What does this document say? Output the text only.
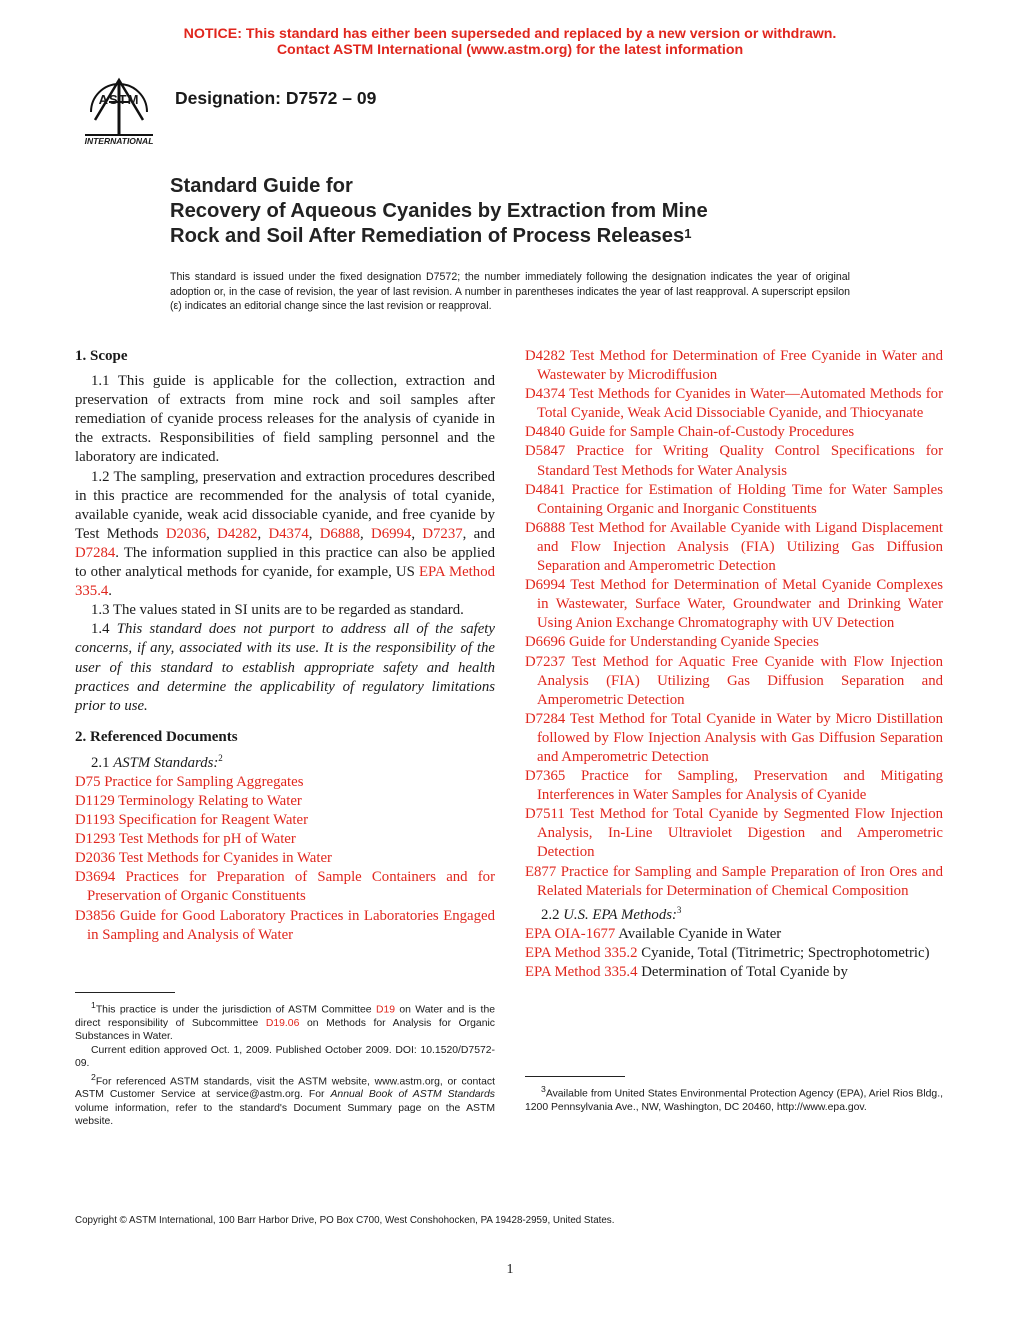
NOTICE: This standard has either been superseded and replaced by a new version or withdrawn.
Contact ASTM International (www.astm.org) for the latest information
ASTM
INTERNATIONAL
Designation: D7572 – 09
Standard Guide for
Recovery of Aqueous Cyanides by Extraction from Mine
Rock and Soil After Remediation of Process Releases$^1$
This standard is issued under the fixed designation D7572; the number immediately following the designation indicates the year of original adoption or, in the case of revision, the year of last revision. A number in parentheses indicates the year of last reapproval. A superscript epsilon (ε) indicates an editorial change since the last revision or reapproval.

1. Scope

1.1 This guide is applicable for the collection, extraction and preservation of extracts from mine rock and soil samples after remediation of cyanide process releases for the analysis of cyanide in the extracts. Responsibilities of field sampling personnel and the laboratory are indicated.

1.2 The sampling, preservation and extraction procedures described in this practice are recommended for the analysis of total cyanide, available cyanide, weak acid dissociable cyanide, and free cyanide by Test Methods D2036, D4282, D4374, D6888, D6994, D7237, and D7284. The information supplied in this practice can also be applied to other analytical methods for cyanide, for example, US EPA Method 335.4.

1.3 The values stated in SI units are to be regarded as standard.

1.4 This standard does not purport to address all of the safety concerns, if any, associated with its use. It is the responsibility of the user of this standard to establish appropriate safety and health practices and determine the applicability of regulatory limitations prior to use.

2. Referenced Documents

2.1 ASTM Standards:$^2$

D75 Practice for Sampling Aggregates

D1129 Terminology Relating to Water

D1193 Specification for Reagent Water

D1293 Test Methods for pH of Water

D2036 Test Methods for Cyanides in Water

D3694 Practices for Preparation of Sample Containers and for Preservation of Organic Constituents

D3856 Guide for Good Laboratory Practices in Laboratories Engaged in Sampling and Analysis of Water

$^1$This practice is under the jurisdiction of ASTM Committee D19 on Water and is the direct responsibility of Subcommittee D19.06 on Methods for Analysis for Organic Substances in Water.

Current edition approved Oct. 1, 2009. Published October 2009. DOI: 10.1520/D7572-09.

$^2$For referenced ASTM standards, visit the ASTM website, www.astm.org, or contact ASTM Customer Service at service@astm.org. For Annual Book of ASTM Standards volume information, refer to the standard's Document Summary page on the ASTM website.

D4282 Test Method for Determination of Free Cyanide in Water and Wastewater by Microdiffusion

D4374 Test Methods for Cyanides in Water—Automated Methods for Total Cyanide, Weak Acid Dissociable Cyanide, and Thiocyanate

D4840 Guide for Sample Chain-of-Custody Procedures

D5847 Practice for Writing Quality Control Specifications for Standard Test Methods for Water Analysis

D4841 Practice for Estimation of Holding Time for Water Samples Containing Organic and Inorganic Constituents

D6888 Test Method for Available Cyanide with Ligand Displacement and Flow Injection Analysis (FIA) Utilizing Gas Diffusion Separation and Amperometric Detection

D6994 Test Method for Determination of Metal Cyanide Complexes in Wastewater, Surface Water, Groundwater and Drinking Water Using Anion Exchange Chromatography with UV Detection

D6696 Guide for Understanding Cyanide Species

D7237 Test Method for Aquatic Free Cyanide with Flow Injection Analysis (FIA) Utilizing Gas Diffusion Separation and Amperometric Detection

D7284 Test Method for Total Cyanide in Water by Micro Distillation followed by Flow Injection Analysis with Gas Diffusion Separation and Amperometric Detection

D7365 Practice for Sampling, Preservation and Mitigating Interferences in Water Samples for Analysis of Cyanide

D7511 Test Method for Total Cyanide by Segmented Flow Injection Analysis, In-Line Ultraviolet Digestion and Amperometric Detection

E877 Practice for Sampling and Sample Preparation of Iron Ores and Related Materials for Determination of Chemical Composition

2.2 U.S. EPA Methods:$^3$

EPA OIA-1677 Available Cyanide in Water

EPA Method 335.2 Cyanide, Total (Titrimetric; Spectrophotometric)

EPA Method 335.4 Determination of Total Cyanide by

$^3$Available from United States Environmental Protection Agency (EPA), Ariel Rios Bldg., 1200 Pennsylvania Ave., NW, Washington, DC 20460, http://www.epa.gov.

Copyright © ASTM International, 100 Barr Harbor Drive, PO Box C700, West Conshohocken, PA 19428-2959, United States.
1
